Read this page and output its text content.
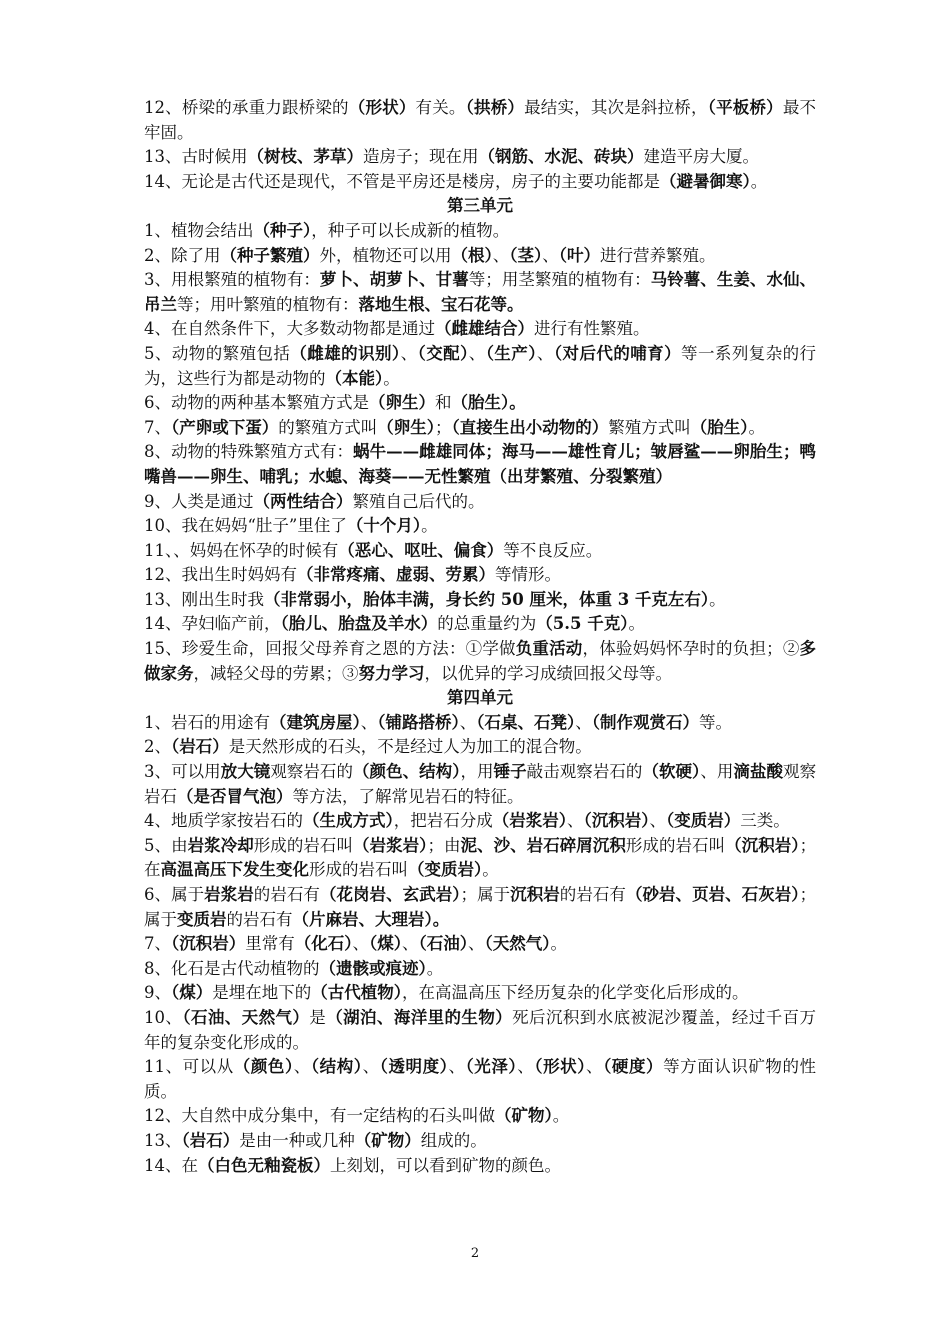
12、桥梁的承重力跟桥梁的（形状）有关。（拱桥）最结实，其次是斜拉桥，（平板桥）最不牢固。
13、古时候用（树枝、茅草）造房子；现在用（钢筋、水泥、砖块）建造平房大厦。
14、无论是古代还是现代，不管是平房还是楼房，房子的主要功能都是（避暑御寒）。
第三单元
1、植物会结出（种子），种子可以长成新的植物。
2、除了用（种子繁殖）外，植物还可以用（根）、（茎）、（叶）进行营养繁殖。
3、用根繁殖的植物有：萝卜、胡萝卜、甘薯等；用茎繁殖的植物有：马铃薯、生姜、水仙、吊兰等；用叶繁殖的植物有：落地生根、宝石花等。
4、在自然条件下，大多数动物都是通过（雌雄结合）进行有性繁殖。
5、动物的繁殖包括（雌雄的识别）、（交配）、（生产）、（对后代的哺育）等一系列复杂的行为，这些行为都是动物的（本能）。
6、动物的两种基本繁殖方式是（卵生）和（胎生）。
7、（产卵或下蛋）的繁殖方式叫（卵生）；（直接生出小动物的）繁殖方式叫（胎生）。
8、动物的特殊繁殖方式有：蜗牛——雌雄同体；海马——雄性育儿；皱唇鲨——卵胎生；鸭嘴兽——卵生、哺乳；水螅、海葵——无性繁殖（出芽繁殖、分裂繁殖）
9、人类是通过（两性结合）繁殖自己后代的。
10、我在妈妈“肚子”里住了（十个月）。
11、、妈妈在怀孕的时候有（恶心、呕吐、偏食）等不良反应。
12、我出生时妈妈有（非常疼痛、虚弱、劳累）等情形。
13、刚出生时我（非常弱小，胎体丰满，身长约 50 厘米，体重 3 千克左右）。
14、孕妇临产前，（胎儿、胎盘及羊水）的总重量约为（5.5 千克）。
15、珍爱生命，回报父母养育之恩的方法：①学做负重活动，体验妈妈怀孕时的负担；②多做家务，减轻父母的劳累；③努力学习，以优异的学习成绩回报父母等。
第四单元
1、岩石的用途有（建筑房屋）、（铺路搭桥）、（石桌、石凳）、（制作观赏石）等。
2、（岩石）是天然形成的石头，不是经过人为加工的混合物。
3、可以用放大镜观察岩石的（颜色、结构），用锤子敲击观察岩石的（软硬）、用滴盐酸观察岩石（是否冒气泡）等方法，了解常见岩石的特征。
4、地质学家按岩石的（生成方式），把岩石分成（岩浆岩）、（沉积岩）、（变质岩）三类。
5、由岩浆冷却形成的岩石叫（岩浆岩）；由泥、沙、岩石碎屑沉积形成的岩石叫（沉积岩）；在高温高压下发生变化形成的岩石叫（变质岩）。
6、属于岩浆岩的岩石有（花岗岩、玄武岩）；属于沉积岩的岩石有（砂岩、页岩、石灰岩）；属于变质岩的岩石有（片麻岩、大理岩）。
7、（沉积岩）里常有（化石）、（煤）、（石油）、（天然气）。
8、化石是古代动植物的（遗骸或痕迹）。
9、（煤）是埋在地下的（古代植物），在高温高压下经历复杂的化学变化后形成的。
10、（石油、天然气）是（湖泊、海洋里的生物）死后沉积到水底被泥沙覆盖，经过千百万年的复杂变化形成的。
11、可以从（颜色）、（结构）、（透明度）、（光泽）、（形状）、（硬度）等方面认识矿物的性质。
12、大自然中成分集中，有一定结构的石头叫做（矿物）。
13、（岩石）是由一种或几种（矿物）组成的。
14、在（白色无釉瓷板）上刻划，可以看到矿物的颜色。
2
